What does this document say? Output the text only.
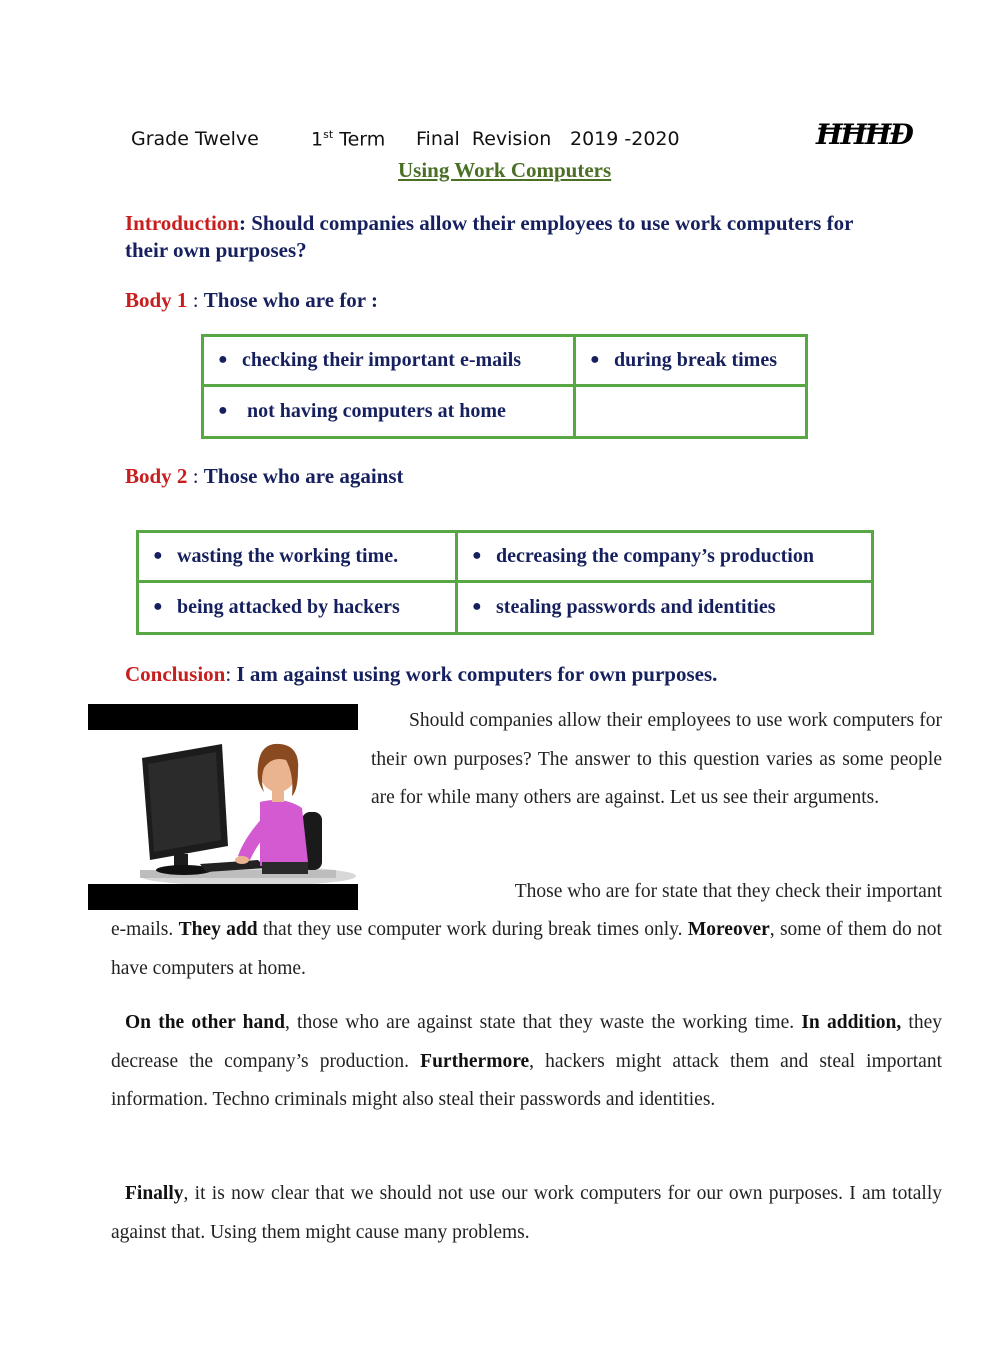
Grade Twelve	1st Term Final  Revision 2019 -2020	ĦĦĦĐ
Using Work Computers
Introduction: Should companies allow their employees to use work computers for
their own purposes?
Body 1 : Those who are for :
● checking their important e-mails	● during break times
● not having computers at home	
Body 2 : Those who are against
● wasting the working time.	● decreasing the company’s production
● being attacked by hackers	● stealing passwords and identities
Conclusion: I am against using work computers for own purposes.
Should companies allow their employees to use work computers for their own purposes? The answer to this question varies as some people are for while many others are against. Let us see their arguments.
Those who are for state that they check their important
e-mails. They add that they use computer work during break times only. Moreover, some of them do not have computers at home.
On the other hand, those who are against state that they waste the working time. In addition, they decrease the company’s production. Furthermore, hackers might attack them and steal important information. Techno criminals might also steal their passwords and identities.
Finally, it is now clear that we should not use our work computers for our own purposes. I am totally against that. Using them might cause many problems.
